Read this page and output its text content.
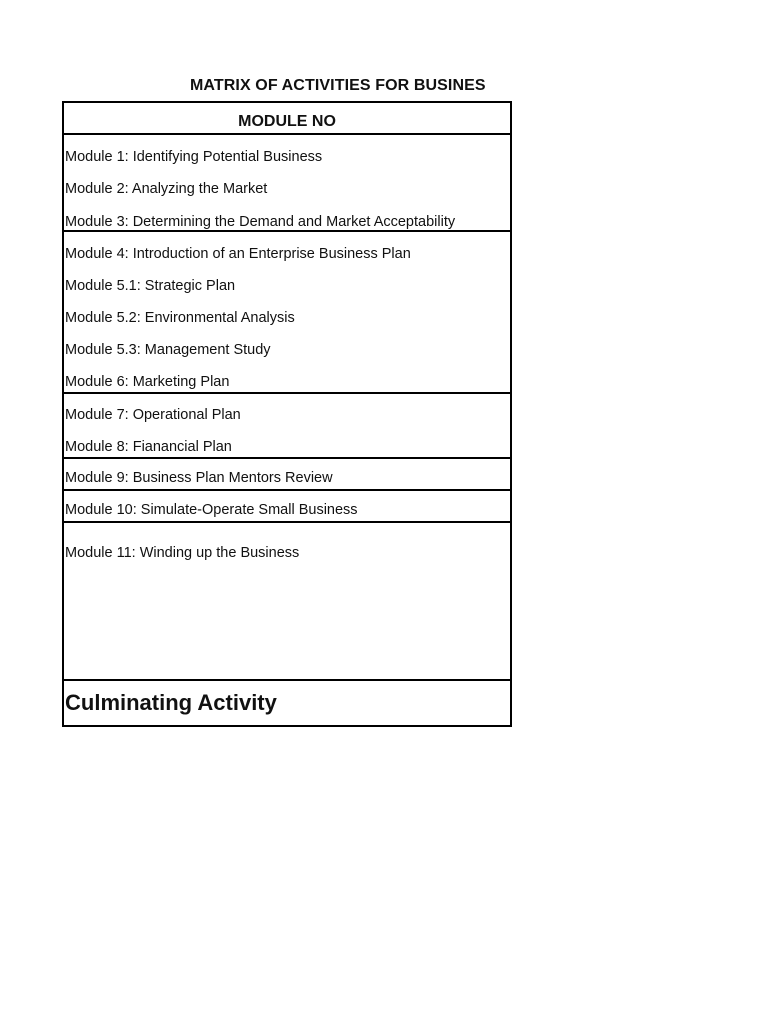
MATRIX OF ACTIVITIES FOR BUSINES
MODULE NO
Module 1: Identifying Potential Business
Module 2: Analyzing the Market
Module 3: Determining the Demand and Market Acceptability
Module 4: Introduction of an Enterprise Business Plan
Module 5.1: Strategic Plan
Module 5.2: Environmental Analysis
Module 5.3: Management Study
Module 6: Marketing Plan
Module 7: Operational Plan
Module 8: Fianancial Plan
Module 9: Business Plan Mentors Review
Module 10: Simulate-Operate Small Business
Module 11: Winding up the Business
Culminating Activity
